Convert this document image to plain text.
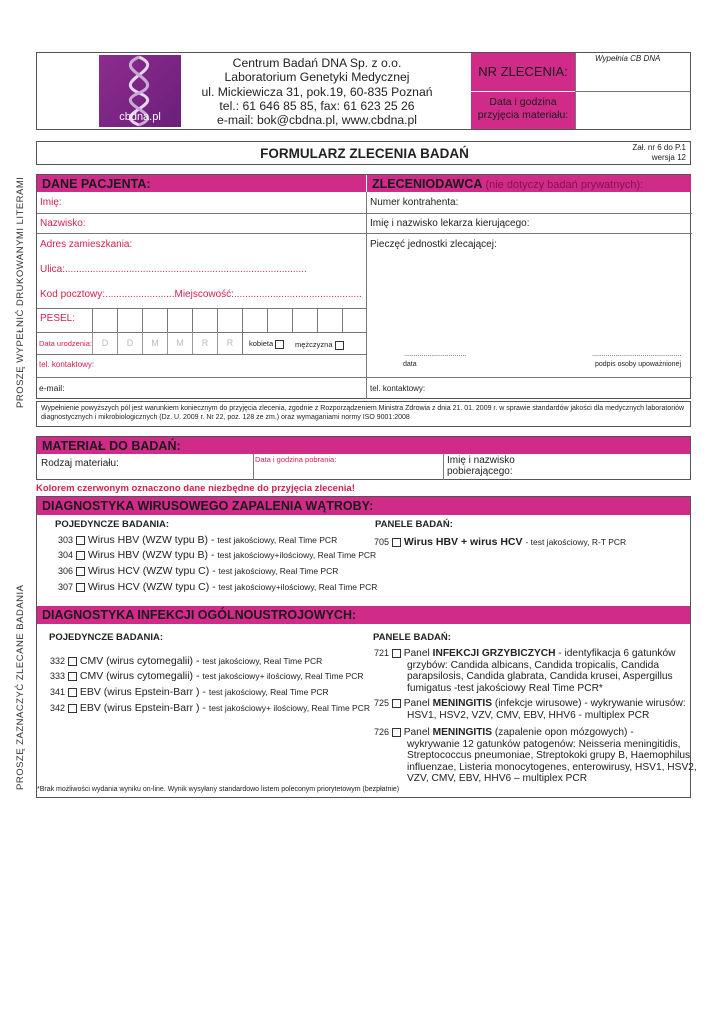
PROSZĘ WYPEŁNIĆ DRUKOWANYMI LITERAMI
PROSZĘ ZAZNACZYĆ ZLECANE BADANIA
cbdna.pl
Centrum Badań DNA Sp. z o.o.
Laboratorium Genetyki Medycznej
ul. Mickiewicza 31, pok.19, 60-835 Poznań
tel.: 61 646 85 85, fax: 61 623 25 26
e-mail: bok@cbdna.pl, www.cbdna.pl
NR ZLECENIA:
Data i godzina przyjęcia materiału:
Wypełnia CB DNA
FORMULARZ ZLECENIA BADAŃ	Zał. nr 6 do P.1
wersja 12
DANE PACJENTA:	ZLECENIODAWCA (nie dotyczy badań prywatnych):
Imię:
Nazwisko:
Adres zamieszkania:
Ulica:.......................................................................................
Kod pocztowy:.........................Miejscowość:..............................................
PESEL:
Data urodzenia:	D	D	M	M	R	R	kobieta	mężczyzna
tel. kontaktowy:
e-mail:
Numer kontrahenta:
Imię i nazwisko lekarza kierującego:
Pieczęć jednostki zlecającej:
................................
data
..............................................
podpis osoby upoważnionej
tel. kontaktowy:
Wypełnienie powyższych pól jest warunkiem koniecznym do przyjęcia zlecenia, zgodnie z Rozporządzeniem Ministra Zdrowia z dnia 21. 01. 2009 r. w sprawie standardów jakości dla medycznych laboratoriów diagnostycznych i mikrobiologicznych (Dz. U. 2009 r. Nr 22, poz. 128 ze zm.) oraz wymaganiami normy ISO 9001:2008
MATERIAŁ DO BADAŃ:
Rodzaj materiału:	Data i godzina pobrania:	Imię i nazwisko pobierającego:
Kolorem czerwonym oznaczono dane niezbędne do przyjęcia zlecenia!
DIAGNOSTYKA WIRUSOWEGO ZAPALENIA WĄTROBY:
POJEDYNCZE BADANIA:	PANELE BADAŃ:
303 Wirus HBV (WZW typu B) - test jakościowy, Real Time PCR
304 Wirus HBV (WZW typu B) - test jakościowy+ilościowy, Real Time PCR
306 Wirus HCV (WZW typu C) - test jakościowy, Real Time PCR
307 Wirus HCV (WZW typu C) - test jakościowy+ilościowy, Real Time PCR
705 Wirus HBV + wirus HCV - test jakościowy, R-T PCR
DIAGNOSTYKA INFEKCJI OGÓLNOUSTROJOWYCH:
POJEDYNCZE BADANIA:	PANELE BADAŃ:
332 CMV (wirus cytomegalii) - test jakościowy, Real Time PCR
333 CMV (wirus cytomegalii) - test jakościowy+ ilościowy, Real Time PCR
341 EBV (wirus Epstein-Barr ) - test jakościowy, Real Time PCR
342 EBV (wirus Epstein-Barr ) - test jakościowy+ ilościowy, Real Time PCR
721 Panel INFEKCJI GRZYBICZYCH - identyfikacja 6 gatunków
grzybów: Candida albicans, Candida tropicalis, Candida
parapsilosis, Candida glabrata, Candida krusei, Aspergillus
fumigatus -test jakościowy Real Time PCR*
725 Panel MENINGITIS (infekcje wirusowe) - wykrywanie wirusów:
HSV1, HSV2, VZV, CMV, EBV, HHV6 - multiplex PCR
726 Panel MENINGITIS (zapalenie opon mózgowych) -
wykrywanie 12 gatunków patogenów: Neisseria meningitidis,
Streptococcus pneumoniae, Streptokoki grupy B, Haemophilus
influenzae, Listeria monocytogenes, enterowirusy, HSV1, HSV2,
VZV, CMV, EBV, HHV6 – multiplex PCR
*Brak możliwości wydania wyniku on-line. Wynik wysyłany standardowo listem poleconym priorytetowym (bezpłatnie)
